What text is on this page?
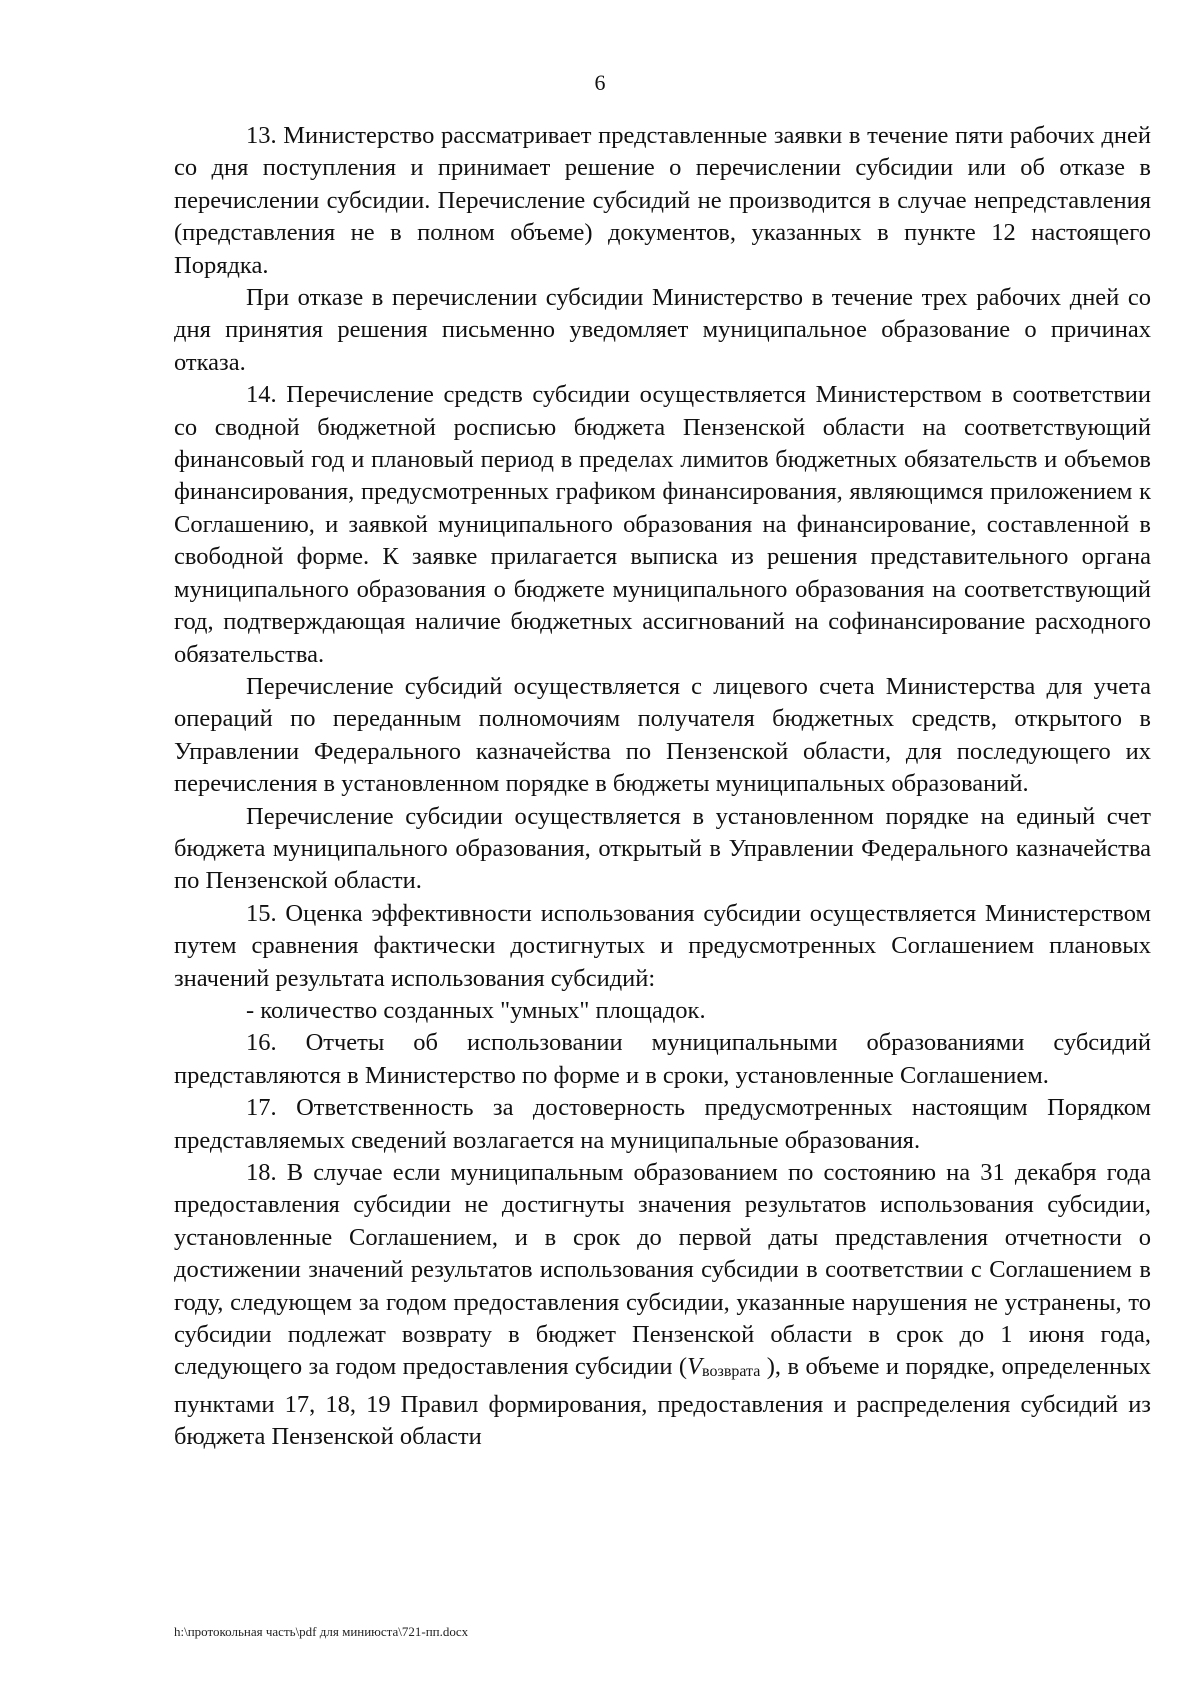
6

13. Министерство рассматривает представленные заявки в течение пяти рабочих дней со дня поступления и принимает решение о перечислении субсидии или об отказе в перечислении субсидии. Перечисление субсидий не производится в случае непредставления (представления не в полном объеме) документов, указанных в пункте 12 настоящего Порядка.

При отказе в перечислении субсидии Министерство в течение трех рабочих дней со дня принятия решения письменно уведомляет муниципальное образование о причинах отказа.

14. Перечисление средств субсидии осуществляется Министерством в соответствии со сводной бюджетной росписью бюджета Пензенской области на соответствующий финансовый год и плановый период в пределах лимитов бюджетных обязательств и объемов финансирования, предусмотренных графиком финансирования, являющимся приложением к Соглашению, и заявкой муниципального образования на финансирование, составленной в свободной форме. К заявке прилагается выписка из решения представительного органа муниципального образования о бюджете муниципального образования на соответствующий год, подтверждающая наличие бюджетных ассигнований на софинансирование расходного обязательства.

Перечисление субсидий осуществляется с лицевого счета Министерства для учета операций по переданным полномочиям получателя бюджетных средств, открытого в Управлении Федерального казначейства по Пензенской области, для последующего их перечисления в установленном порядке в бюджеты муниципальных образований.

Перечисление субсидии осуществляется в установленном порядке на единый счет бюджета муниципального образования, открытый в Управлении Федерального казначейства по Пензенской области.

15. Оценка эффективности использования субсидии осуществляется Министерством путем сравнения фактически достигнутых и предусмотренных Соглашением плановых значений результата использования субсидий:

- количество созданных "умных" площадок.

16. Отчеты об использовании муниципальными образованиями субсидий представляются в Министерство по форме и в сроки, установленные Соглашением.

17. Ответственность за достоверность предусмотренных настоящим Порядком представляемых сведений возлагается на муниципальные образования.

18. В случае если муниципальным образованием по состоянию на 31 декабря года предоставления субсидии не достигнуты значения результатов использования субсидии, установленные Соглашением, и в срок до первой даты представления отчетности о достижении значений результатов использования субсидии в соответствии с Соглашением в году, следующем за годом предоставления субсидии, указанные нарушения не устранены, то субсидии подлежат возврату в бюджет Пензенской области в срок до 1 июня года, следующего за годом предоставления субсидии (Vвозврата ), в объеме и порядке, определенных пунктами 17, 18, 19 Правил формирования, предоставления и распределения субсидий из бюджета Пензенской области

h:\протокольная часть\pdf для миниюста\721-пп.docx
